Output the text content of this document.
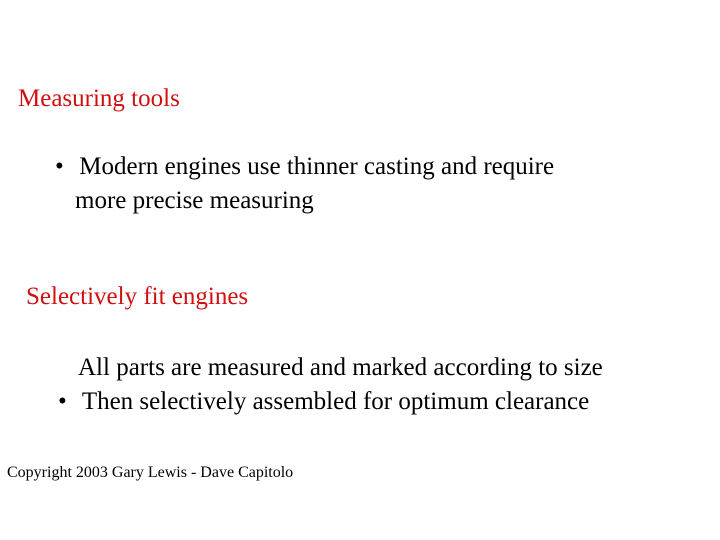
Measuring tools
• Modern engines use thinner casting and require
more precise measuring
Selectively fit engines
All parts are measured and marked according to size
• Then selectively assembled for optimum clearance
Copyright 2003 Gary Lewis - Dave Capitolo
